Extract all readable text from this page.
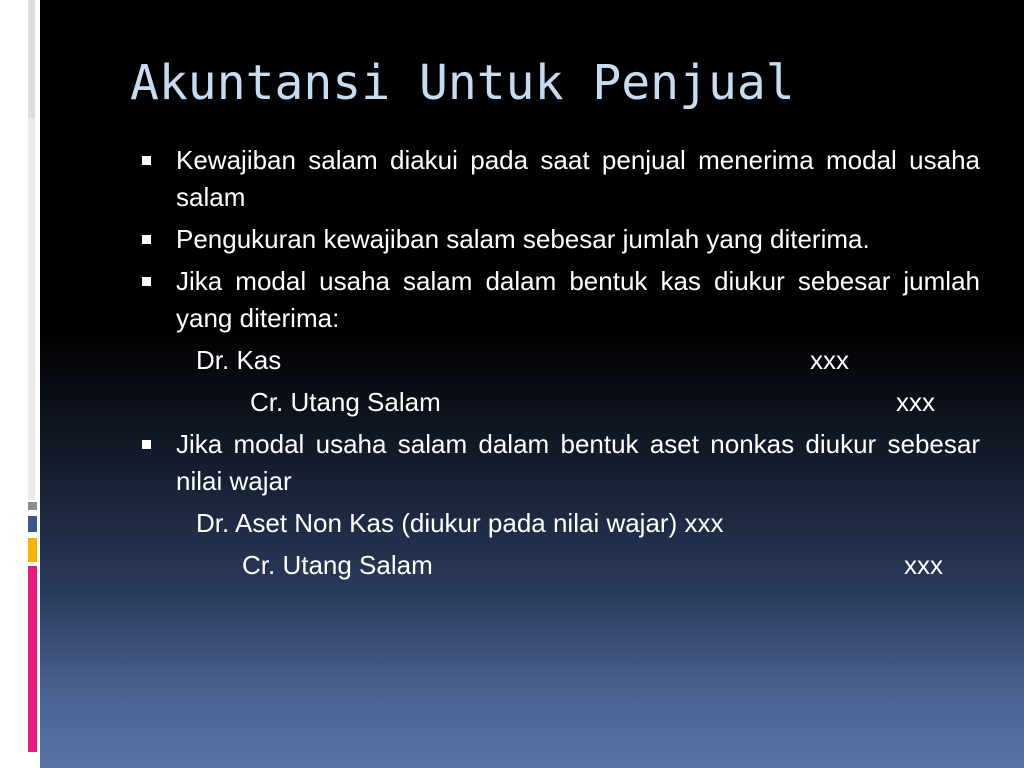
Akuntansi Untuk Penjual
Kewajiban salam diakui pada saat penjual menerima modal usaha salam
Pengukuran kewajiban salam sebesar jumlah yang diterima.
Jika modal usaha salam dalam bentuk kas diukur sebesar jumlah yang diterima:
Dr. Kas	xxx
Cr. Utang Salam	xxx
Jika modal usaha salam dalam bentuk aset nonkas diukur sebesar nilai wajar
Dr. Aset Non Kas (diukur pada nilai wajar) xxx
Cr. Utang Salam	xxx
